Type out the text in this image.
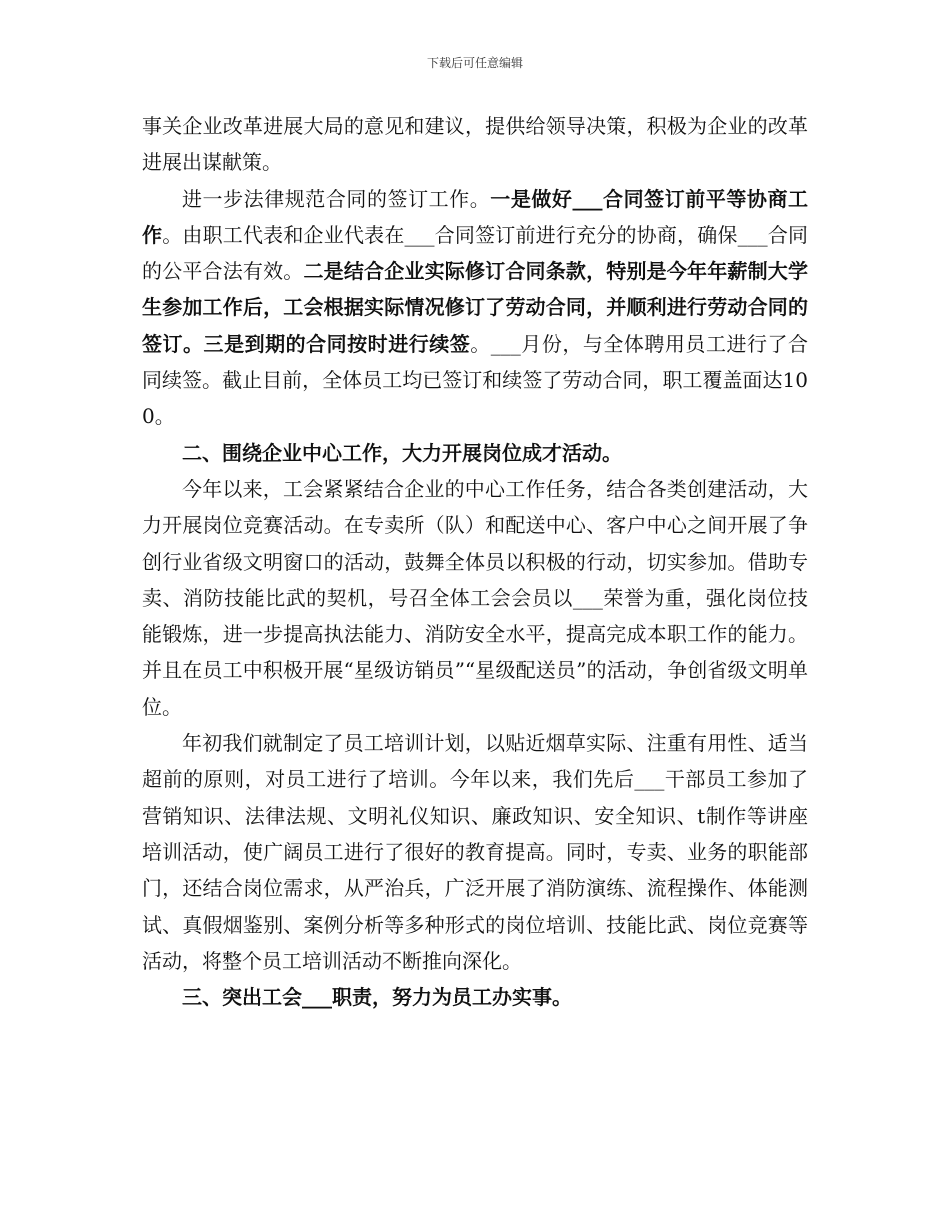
下载后可任意编辑

事关企业改革进展大局的意见和建议，提供给领导决策，积极为企业的改革进展出谋献策。

进一步法律规范合同的签订工作。一是做好___合同签订前平等协商工作。由职工代表和企业代表在___合同签订前进行充分的协商，确保___合同的公平合法有效。二是结合企业实际修订合同条款，特别是今年年薪制大学生参加工作后，工会根据实际情况修订了劳动合同，并顺利进行劳动合同的签订。三是到期的合同按时进行续签。___月份，与全体聘用员工进行了合同续签。截止目前，全体员工均已签订和续签了劳动合同，职工覆盖面达100。

二、围绕企业中心工作，大力开展岗位成才活动。

今年以来，工会紧紧结合企业的中心工作任务，结合各类创建活动，大力开展岗位竞赛活动。在专卖所（队）和配送中心、客户中心之间开展了争创行业省级文明窗口的活动，鼓舞全体员以积极的行动，切实参加。借助专卖、消防技能比武的契机，号召全体工会会员以___荣誉为重，强化岗位技能锻炼，进一步提高执法能力、消防安全水平，提高完成本职工作的能力。并且在员工中积极开展“星级访销员”“星级配送员”的活动，争创省级文明单位。

年初我们就制定了员工培训计划，以贴近烟草实际、注重有用性、适当超前的原则，对员工进行了培训。今年以来，我们先后___干部员工参加了营销知识、法律法规、文明礼仪知识、廉政知识、安全知识、t制作等讲座培训活动，使广阔员工进行了很好的教育提高。同时，专卖、业务的职能部门，还结合岗位需求，从严治兵，广泛开展了消防演练、流程操作、体能测试、真假烟鉴别、案例分析等多种形式的岗位培训、技能比武、岗位竞赛等活动，将整个员工培训活动不断推向深化。

三、突出工会___职责，努力为员工办实事。
